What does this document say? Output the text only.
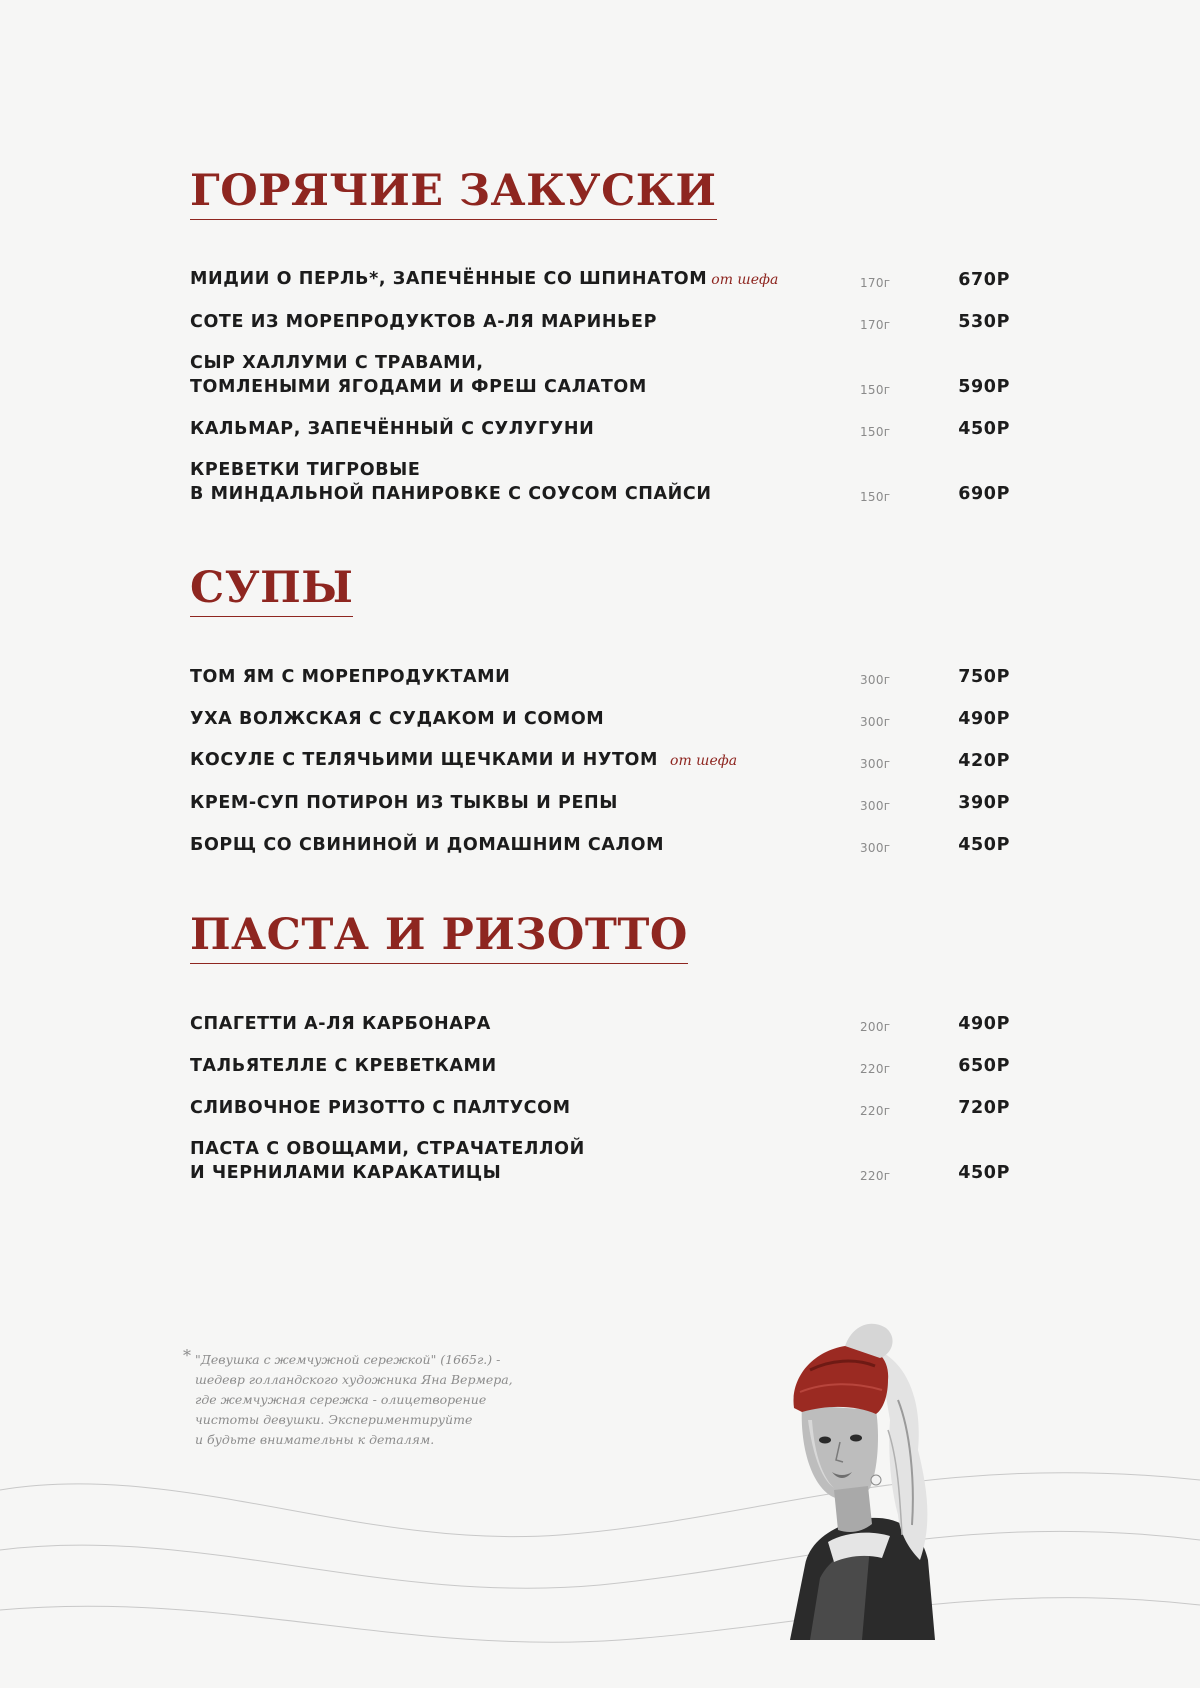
ГОРЯЧИЕ ЗАКУСКИ
МИДИИ О ПЕРЛЬ*, ЗАПЕЧЁННЫЕ СО ШПИНАТОМ от шефа	170г	670Р
СОТЕ ИЗ МОРЕПРОДУКТОВ А-ЛЯ МАРИНЬЕР	170г	530Р
СЫР ХАЛЛУМИ С ТРАВАМИ,
ТОМЛЕНЫМИ ЯГОДАМИ И ФРЕШ САЛАТОМ	150г	590Р
КАЛЬМАР, ЗАПЕЧЁННЫЙ С СУЛУГУНИ	150г	450Р
КРЕВЕТКИ ТИГРОВЫЕ
В МИНДАЛЬНОЙ ПАНИРОВКЕ С СОУСОМ СПАЙСИ	150г	690Р
СУПЫ
ТОМ ЯМ С МОРЕПРОДУКТАМИ	300г	750Р
УХА ВОЛЖСКАЯ С СУДАКОМ И СОМОМ	300г	490Р
КОСУЛЕ С ТЕЛЯЧЬИМИ ЩЕЧКАМИ И НУТОМ от шефа	300г	420Р
КРЕМ-СУП ПОТИРОН ИЗ ТЫКВЫ И РЕПЫ	300г	390Р
БОРЩ СО СВИНИНОЙ И ДОМАШНИМ САЛОМ	300г	450Р
ПАСТА И РИЗОТТО
СПАГЕТТИ А-ЛЯ КАРБОНАРА	200г	490Р
ТАЛЬЯТЕЛЛЕ С КРЕВЕТКАМИ	220г	650Р
СЛИВОЧНОЕ РИЗОТТО С ПАЛТУСОМ	220г	720Р
ПАСТА С ОВОЩАМИ, СТРАЧАТЕЛЛОЙ
И ЧЕРНИЛАМИ КАРАКАТИЦЫ	220г	450Р
* "Девушка с жемчужной сережкой" (1665г.) -
шедевр голландского художника Яна Вермера,
где жемчужная сережка - олицетворение
чистоты девушки. Экспериментируйте
и будьте внимательны к деталям.
